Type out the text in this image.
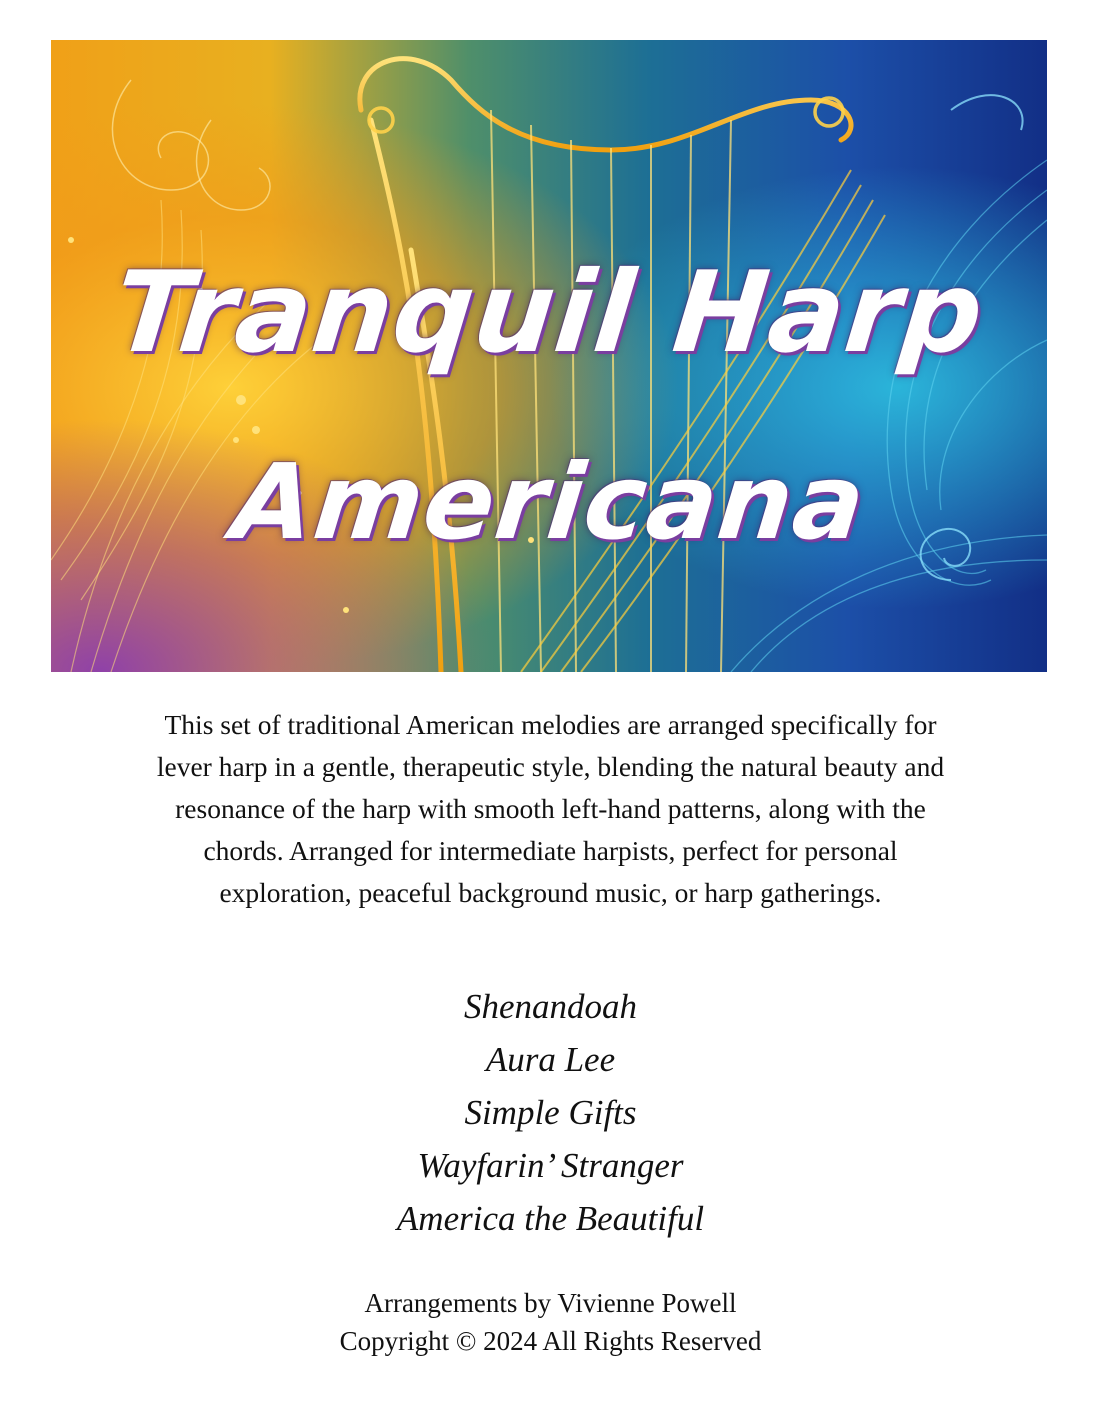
Tranquil Harp
Americana

This set of traditional American melodies are arranged specifically for lever harp in a gentle, therapeutic style, blending the natural beauty and resonance of the harp with smooth left-hand patterns, along with the chords. Arranged for intermediate harpists, perfect for personal exploration, peaceful background music, or harp gatherings.

Shenandoah
Aura Lee
Simple Gifts
Wayfarin’ Stranger
America the Beautiful
Arrangements by Vivienne Powell
Copyright © 2024 All Rights Reserved
